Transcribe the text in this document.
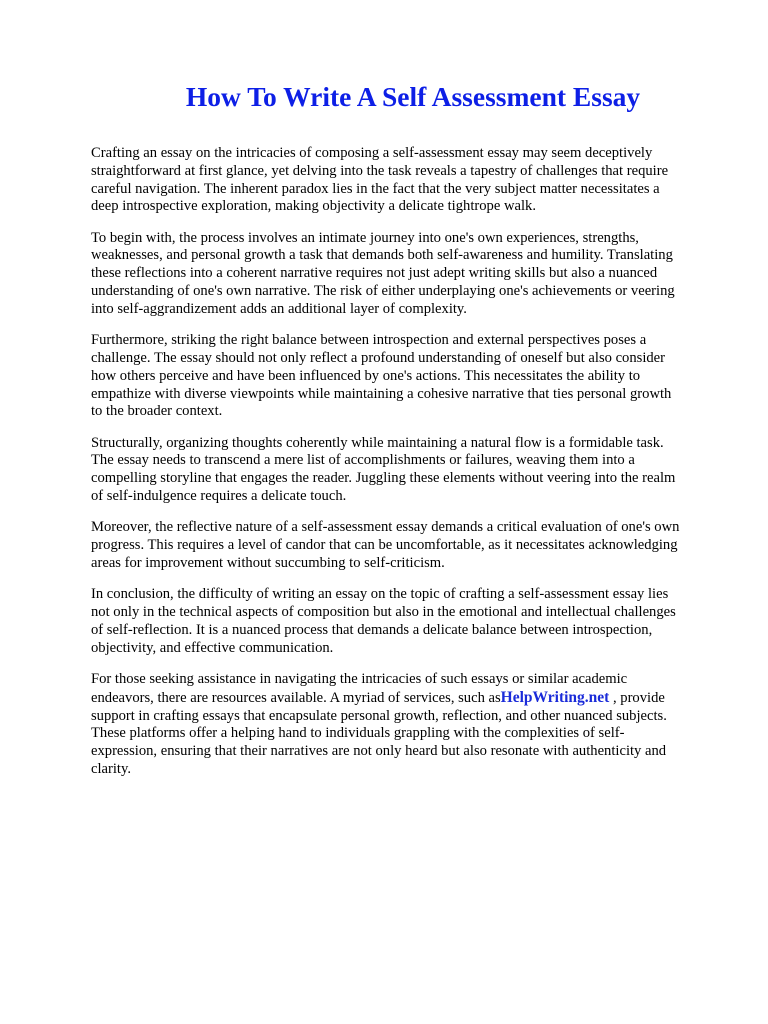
How To Write A Self Assessment Essay

Crafting an essay on the intricacies of composing a self-assessment essay may seem deceptively
straightforward at first glance, yet delving into the task reveals a tapestry of challenges that require
careful navigation. The inherent paradox lies in the fact that the very subject matter necessitates a
deep introspective exploration, making objectivity a delicate tightrope walk.

To begin with, the process involves an intimate journey into one's own experiences, strengths,
weaknesses, and personal growth a task that demands both self-awareness and humility. Translating
these reflections into a coherent narrative requires not just adept writing skills but also a nuanced
understanding of one's own narrative. The risk of either underplaying one's achievements or veering
into self-aggrandizement adds an additional layer of complexity.

Furthermore, striking the right balance between introspection and external perspectives poses a
challenge. The essay should not only reflect a profound understanding of oneself but also consider
how others perceive and have been influenced by one's actions. This necessitates the ability to
empathize with diverse viewpoints while maintaining a cohesive narrative that ties personal growth
to the broader context.

Structurally, organizing thoughts coherently while maintaining a natural flow is a formidable task.
The essay needs to transcend a mere list of accomplishments or failures, weaving them into a
compelling storyline that engages the reader. Juggling these elements without veering into the realm
of self-indulgence requires a delicate touch.

Moreover, the reflective nature of a self-assessment essay demands a critical evaluation of one's own
progress. This requires a level of candor that can be uncomfortable, as it necessitates acknowledging
areas for improvement without succumbing to self-criticism.

In conclusion, the difficulty of writing an essay on the topic of crafting a self-assessment essay lies
not only in the technical aspects of composition but also in the emotional and intellectual challenges
of self-reflection. It is a nuanced process that demands a delicate balance between introspection,
objectivity, and effective communication.

For those seeking assistance in navigating the intricacies of such essays or similar academic
endeavors, there are resources available. A myriad of services, such asHelpWriting.net , provide
support in crafting essays that encapsulate personal growth, reflection, and other nuanced subjects.
These platforms offer a helping hand to individuals grappling with the complexities of self-
expression, ensuring that their narratives are not only heard but also resonate with authenticity and
clarity.
